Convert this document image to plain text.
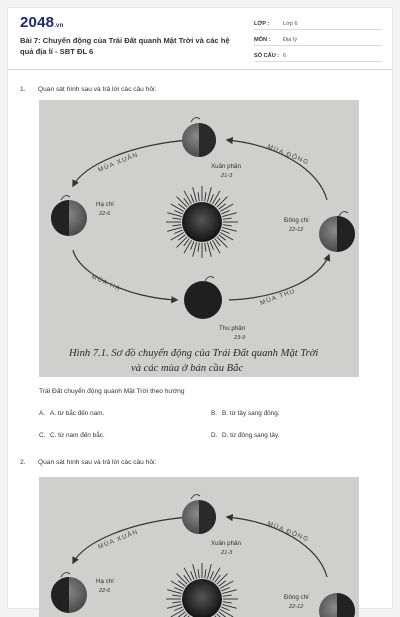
2048.vn
Bài 7: Chuyển động của Trái Đất quanh Mặt Trời và các hệ quả địa lí - SBT ĐL 6
LỚP :	Lớp 6
MÔN :	Địa lý
SỐ CÂU : 6
1.	Quan sát hình sau và trả lời các câu hỏi:
MÙA XUÂN	MÙA ĐÔNG
MÙA HẠ
MÙA THU
Xuân phân
21-3
Hạ chí
22-6
Đông chí
22-12
Thu phân
23-9
Hình 7.1. Sơ đồ chuyển động của Trái Đất quanh Mặt Trời
và các mùa ở bán cầu Bắc
Trái Đất chuyển động quanh Mặt Trời theo hướng
A. A. từ bắc đến nam.	B. B. từ tây sang đông.
C. C. từ nam đến bắc.	D. D. từ đông sang tây.
2.	Quan sát hình sau và trả lời các câu hỏi:
MÙA XUÂN	MÙA ĐÔNG
Xuân phân
21-3
Hạ chí
22-6
Đông chí
22-12
